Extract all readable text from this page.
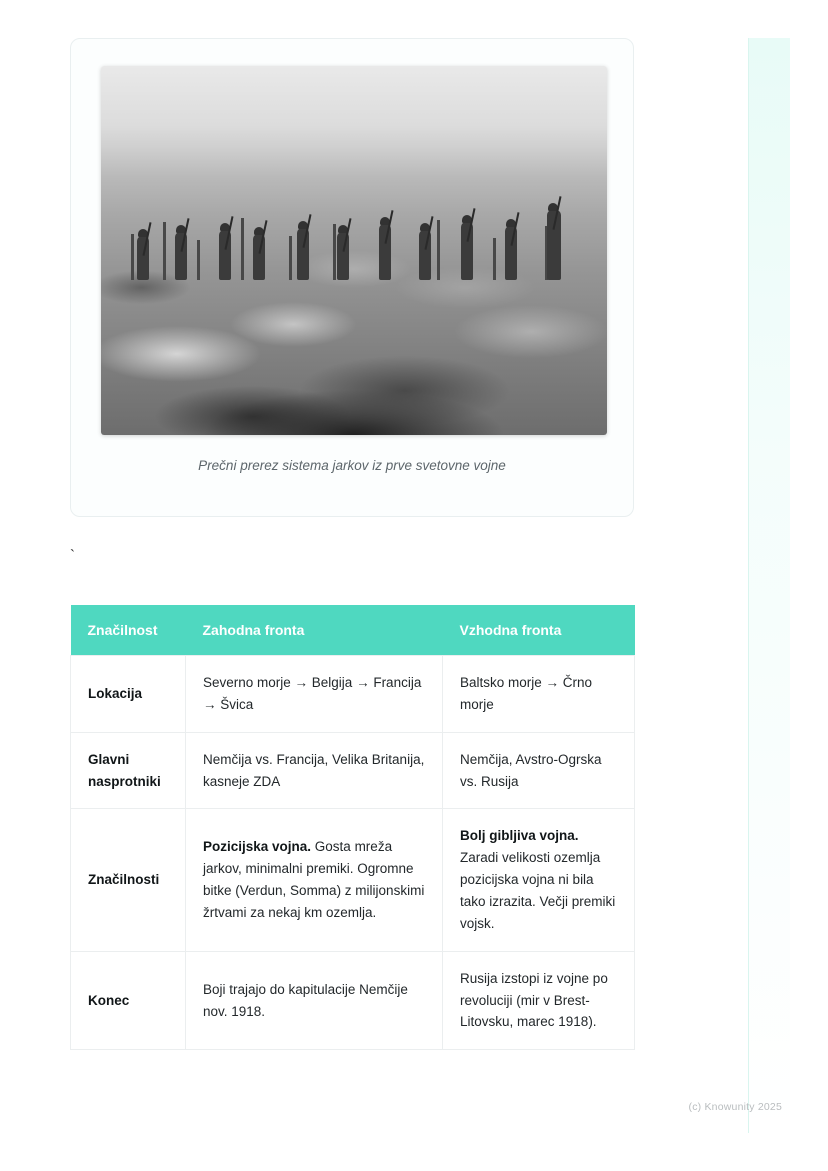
Prečni prerez sistema jarkov iz prve svetovne vojne
`
Značilnost	Zahodna fronta	Vzhodna fronta
Lokacija	Severno morje → Belgija → Francija → Švica	Baltsko morje → Črno morje
Glavni nasprotniki	Nemčija vs. Francija, Velika Britanija, kasneje ZDA	Nemčija, Avstro-Ogrska vs. Rusija
Značilnosti	Pozicijska vojna. Gosta mreža jarkov, minimalni premiki. Ogromne bitke (Verdun, Somma) z milijonskimi žrtvami za nekaj km ozemlja.	Bolj gibljiva vojna. Zaradi velikosti ozemlja pozicijska vojna ni bila tako izrazita. Večji premiki vojsk.
Konec	Boji trajajo do kapitulacije Nemčije nov. 1918.	Rusija izstopi iz vojne po revoluciji (mir v Brest-Litovsku, marec 1918).
(c) Knowunity 2025
